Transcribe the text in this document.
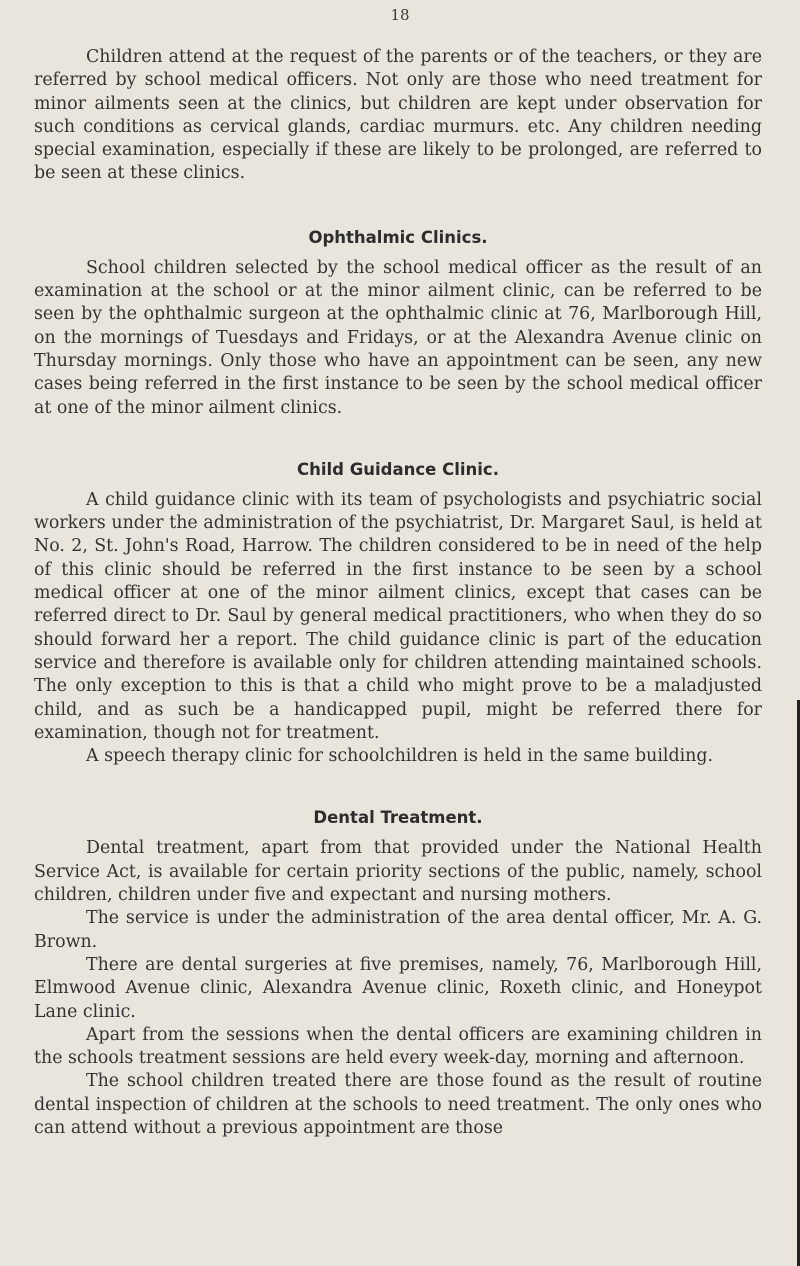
18

Children attend at the request of the parents or of the teachers, or they are referred by school medical officers. Not only are those who need treatment for minor ailments seen at the clinics, but children are kept under observation for such conditions as cervical glands, cardiac murmurs. etc. Any children needing special examination, especially if these are likely to be prolonged, are referred to be seen at these clinics.

Ophthalmic Clinics.

School children selected by the school medical officer as the result of an examination at the school or at the minor ailment clinic, can be referred to be seen by the ophthalmic surgeon at the ophthalmic clinic at 76, Marlborough Hill, on the mornings of Tuesdays and Fridays, or at the Alexandra Avenue clinic on Thursday mornings. Only those who have an appointment can be seen, any new cases being referred in the first instance to be seen by the school medical officer at one of the minor ailment clinics.

Child Guidance Clinic.

A child guidance clinic with its team of psychologists and psychiatric social workers under the administration of the psychiatrist, Dr. Margaret Saul, is held at No. 2, St. John's Road, Harrow. The children considered to be in need of the help of this clinic should be referred in the first instance to be seen by a school medical officer at one of the minor ailment clinics, except that cases can be referred direct to Dr. Saul by general medical practitioners, who when they do so should forward her a report. The child guidance clinic is part of the education service and therefore is available only for children attending maintained schools. The only exception to this is that a child who might prove to be a maladjusted child, and as such be a handicapped pupil, might be referred there for examination, though not for treatment.

A speech therapy clinic for schoolchildren is held in the same building.

Dental Treatment.

Dental treatment, apart from that provided under the National Health Service Act, is available for certain priority sections of the public, namely, school children, children under five and expectant and nursing mothers.

The service is under the administration of the area dental officer, Mr. A. G. Brown.

There are dental surgeries at five premises, namely, 76, Marlborough Hill, Elmwood Avenue clinic, Alexandra Avenue clinic, Roxeth clinic, and Honeypot Lane clinic.

Apart from the sessions when the dental officers are examining children in the schools treatment sessions are held every week-day, morning and afternoon.

The school children treated there are those found as the result of routine dental inspection of children at the schools to need treatment. The only ones who can attend without a previous appointment are those
